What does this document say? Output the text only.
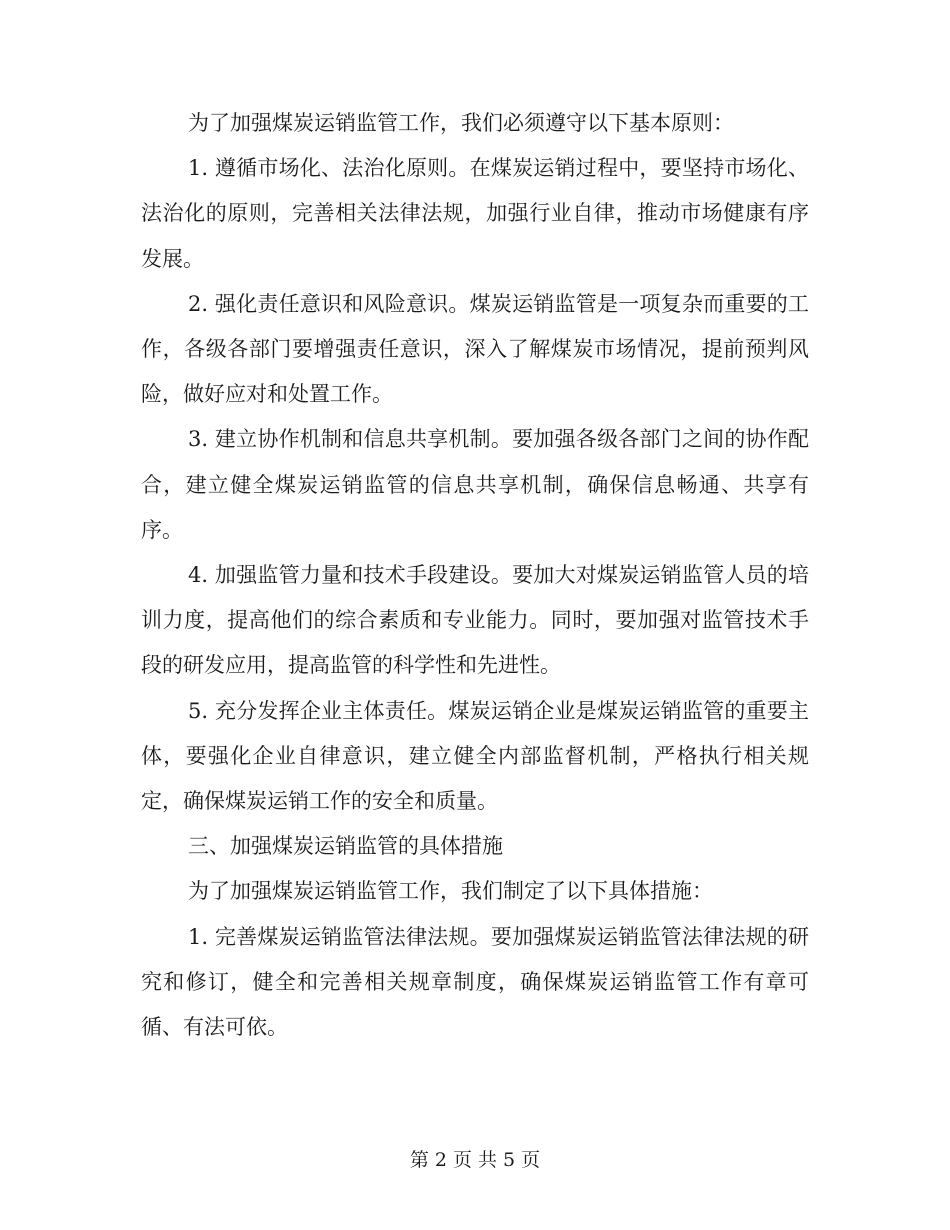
为了加强煤炭运销监管工作，我们必须遵守以下基本原则：

1. 遵循市场化、法治化原则。在煤炭运销过程中，要坚持市场化、法治化的原则，完善相关法律法规，加强行业自律，推动市场健康有序发展。

2. 强化责任意识和风险意识。煤炭运销监管是一项复杂而重要的工作，各级各部门要增强责任意识，深入了解煤炭市场情况，提前预判风险，做好应对和处置工作。

3. 建立协作机制和信息共享机制。要加强各级各部门之间的协作配合，建立健全煤炭运销监管的信息共享机制，确保信息畅通、共享有序。

4. 加强监管力量和技术手段建设。要加大对煤炭运销监管人员的培训力度，提高他们的综合素质和专业能力。同时，要加强对监管技术手段的研发应用，提高监管的科学性和先进性。

5. 充分发挥企业主体责任。煤炭运销企业是煤炭运销监管的重要主体，要强化企业自律意识，建立健全内部监督机制，严格执行相关规定，确保煤炭运销工作的安全和质量。

三、加强煤炭运销监管的具体措施

为了加强煤炭运销监管工作，我们制定了以下具体措施：

1. 完善煤炭运销监管法律法规。要加强煤炭运销监管法律法规的研究和修订，健全和完善相关规章制度，确保煤炭运销监管工作有章可循、有法可依。

第 2 页 共 5 页
